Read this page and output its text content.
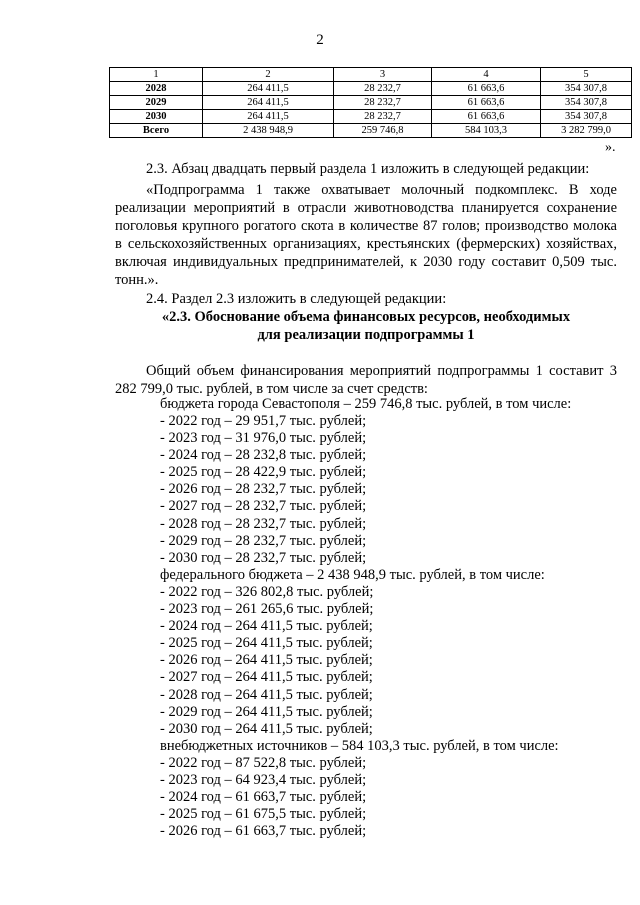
2
1	2	3	4	5
2028	264 411,5	28 232,7	61 663,6	354 307,8
2029	264 411,5	28 232,7	61 663,6	354 307,8
2030	264 411,5	28 232,7	61 663,6	354 307,8
Всего	2 438 948,9	259 746,8	584 103,3	3 282 799,0
».
2.3. Абзац двадцать первый раздела 1 изложить в следующей редакции:
«Подпрограмма 1 также охватывает молочный подкомплекс. В ходе реализации мероприятий в отрасли животноводства планируется сохранение поголовья крупного рогатого скота в количестве 87 голов; производство молока в сельскохозяйственных организациях, крестьянских (фермерских) хозяйствах, включая индивидуальных предпринимателей, к 2030 году составит 0,509 тыс. тонн.».
2.4. Раздел 2.3 изложить в следующей редакции:
«2.3. Обоснование объема финансовых ресурсов, необходимых
для реализации подпрограммы 1
Общий объем финансирования мероприятий подпрограммы 1 составит 3 282 799,0 тыс. рублей, в том числе за счет средств:
бюджета города Севастополя – 259 746,8 тыс. рублей, в том числе:
- 2022 год – 29 951,7 тыс. рублей;
- 2023 год – 31 976,0 тыс. рублей;
- 2024 год – 28 232,8 тыс. рублей;
- 2025 год – 28 422,9 тыс. рублей;
- 2026 год – 28 232,7 тыс. рублей;
- 2027 год – 28 232,7 тыс. рублей;
- 2028 год – 28 232,7 тыс. рублей;
- 2029 год – 28 232,7 тыс. рублей;
- 2030 год – 28 232,7 тыс. рублей;
федерального бюджета – 2 438 948,9 тыс. рублей, в том числе:
- 2022 год – 326 802,8 тыс. рублей;
- 2023 год – 261 265,6 тыс. рублей;
- 2024 год – 264 411,5 тыс. рублей;
- 2025 год – 264 411,5 тыс. рублей;
- 2026 год – 264 411,5 тыс. рублей;
- 2027 год – 264 411,5 тыс. рублей;
- 2028 год – 264 411,5 тыс. рублей;
- 2029 год – 264 411,5 тыс. рублей;
- 2030 год – 264 411,5 тыс. рублей;
внебюджетных источников – 584 103,3 тыс. рублей, в том числе:
- 2022 год – 87 522,8 тыс. рублей;
- 2023 год – 64 923,4 тыс. рублей;
- 2024 год – 61 663,7 тыс. рублей;
- 2025 год – 61 675,5 тыс. рублей;
- 2026 год – 61 663,7 тыс. рублей;
